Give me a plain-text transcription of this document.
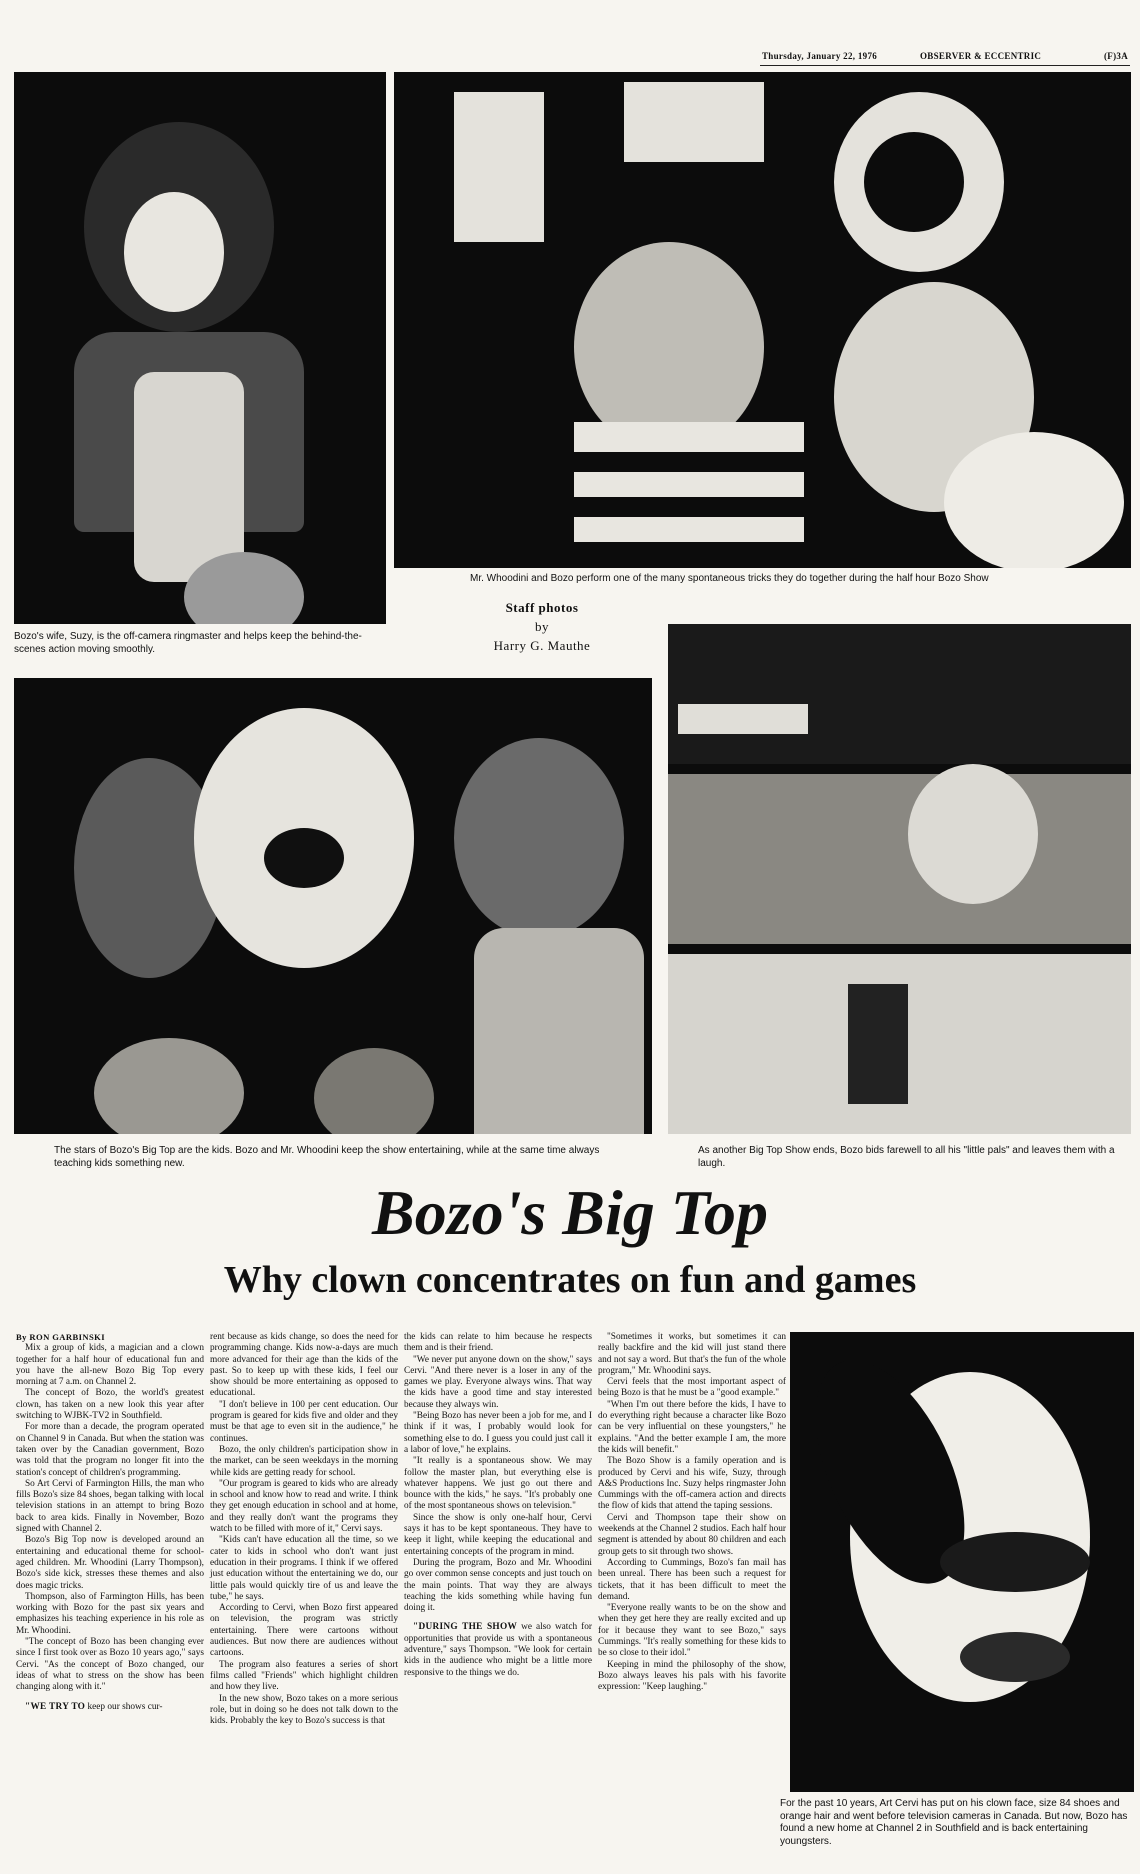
Thursday, January 22, 1976	OBSERVER & ECCENTRIC	(F)3A
Mr. Whoodini and Bozo perform one of the many spontaneous tricks they do together during the half hour Bozo Show
Bozo's wife, Suzy, is the off-camera ringmaster and helps keep the behind-the-scenes action moving smoothly.
Staff photos
by
Harry G. Mauthe
The stars of Bozo's Big Top are the kids. Bozo and Mr. Whoodini keep the show entertaining, while at the same time always teaching kids something new.
As another Big Top Show ends, Bozo bids farewell to all his "little pals" and leaves them with a laugh.
Bozo's Big Top
Why clown concentrates on fun and games

By RON GARBINSKI

Mix a group of kids, a magician and a clown together for a half hour of educational fun and you have the all-new Bozo Big Top every morning at 7 a.m. on Channel 2.

The concept of Bozo, the world's greatest clown, has taken on a new look this year after switching to WJBK-TV2 in Southfield.

For more than a decade, the program operated on Channel 9 in Canada. But when the station was taken over by the Canadian government, Bozo was told that the program no longer fit into the station's concept of children's programming.

So Art Cervi of Farmington Hills, the man who fills Bozo's size 84 shoes, began talking with local television stations in an attempt to bring Bozo back to area kids. Finally in November, Bozo signed with Channel 2.

Bozo's Big Top now is developed around an entertaining and educational theme for school-aged children. Mr. Whoodini (Larry Thompson), Bozo's side kick, stresses these themes and also does magic tricks.

Thompson, also of Farmington Hills, has been working with Bozo for the past six years and emphasizes his teaching experience in his role as Mr. Whoodini.

"The concept of Bozo has been changing ever since I first took over as Bozo 10 years ago," says Cervi. "As the concept of Bozo changed, our ideas of what to stress on the show has been changing along with it."

"WE TRY TO keep our shows cur-

rent because as kids change, so does the need for programming change. Kids now-a-days are much more advanced for their age than the kids of the past. So to keep up with these kids, I feel our show should be more entertaining as opposed to educational.

"I don't believe in 100 per cent education. Our program is geared for kids five and older and they must be that age to even sit in the audience," he continues.

Bozo, the only children's participation show in the market, can be seen weekdays in the morning while kids are getting ready for school.

"Our program is geared to kids who are already in school and know how to read and write. I think they get enough education in school and at home, and they really don't want the programs they watch to be filled with more of it," Cervi says.

"Kids can't have education all the time, so we cater to kids in school who don't want just education in their programs. I think if we offered just education without the entertaining we do, our little pals would quickly tire of us and leave the tube," he says.

According to Cervi, when Bozo first appeared on television, the program was strictly entertaining. There were cartoons without audiences. But now there are audiences without cartoons.

The program also features a series of short films called "Friends" which highlight children and how they live.

In the new show, Bozo takes on a more serious role, but in doing so he does not talk down to the kids. Probably the key to Bozo's success is that

the kids can relate to him because he respects them and is their friend.

"We never put anyone down on the show," says Cervi. "And there never is a loser in any of the games we play. Everyone always wins. That way the kids have a good time and stay interested because they always win.

"Being Bozo has never been a job for me, and I think if it was, I probably would look for something else to do. I guess you could just call it a labor of love," he explains.

"It really is a spontaneous show. We may follow the master plan, but everything else is whatever happens. We just go out there and bounce with the kids," he says. "It's probably one of the most spontaneous shows on television."

Since the show is only one-half hour, Cervi says it has to be kept spontaneous. They have to keep it light, while keeping the educational and entertaining concepts of the program in mind.

During the program, Bozo and Mr. Whoodini go over common sense concepts and just touch on the main points. That way they are always teaching the kids something while having fun doing it.

"DURING THE SHOW we also watch for opportunities that provide us with a spontaneous adventure," says Thompson. "We look for certain kids in the audience who might be a little more responsive to the things we do.

"Sometimes it works, but sometimes it can really backfire and the kid will just stand there and not say a word. But that's the fun of the whole program," Mr. Whoodini says.

Cervi feels that the most important aspect of being Bozo is that he must be a "good example."

"When I'm out there before the kids, I have to do everything right because a character like Bozo can be very influential on these youngsters," he explains. "And the better example I am, the more the kids will benefit."

The Bozo Show is a family operation and is produced by Cervi and his wife, Suzy, through A&S Productions Inc. Suzy helps ringmaster John Cummings with the off-camera action and directs the flow of kids that attend the taping sessions.

Cervi and Thompson tape their show on weekends at the Channel 2 studios. Each half hour segment is attended by about 80 children and each group gets to sit through two shows.

According to Cummings, Bozo's fan mail has been unreal. There has been such a request for tickets, that it has been difficult to meet the demand.

"Everyone really wants to be on the show and when they get here they are really excited and up for it because they want to see Bozo," says Cummings. "It's really something for these kids to be so close to their idol."

Keeping in mind the philosophy of the show, Bozo always leaves his pals with his favorite expression: "Keep laughing."

For the past 10 years, Art Cervi has put on his clown face, size 84 shoes and orange hair and went before television cameras in Canada. But now, Bozo has found a new home at Channel 2 in Southfield and is back entertaining youngsters.
